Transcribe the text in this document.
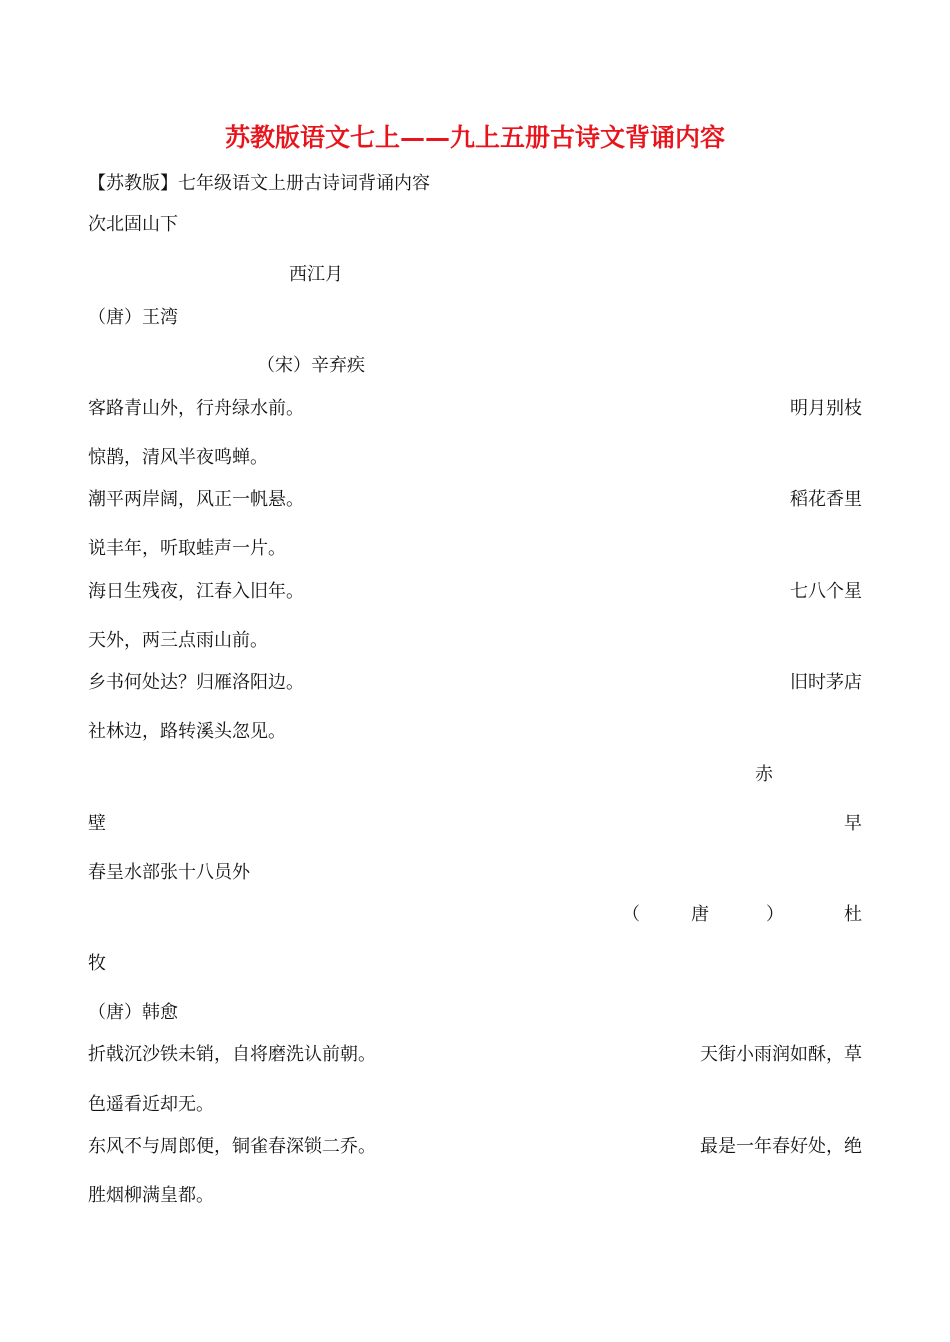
苏教版语文七上——九上五册古诗文背诵内容
【苏教版】七年级语文上册古诗词背诵内容
次北固山下
西江月
（唐）王湾
（宋）辛弃疾
客路青山外，行舟绿水前。	明月别枝
惊鹊，清风半夜鸣蝉。
潮平两岸阔，风正一帆悬。	稻花香里
说丰年，听取蛙声一片。
海日生残夜，江春入旧年。	七八个星
天外，两三点雨山前。
乡书何处达？归雁洛阳边。	旧时茅店
社林边，路转溪头忽见。
赤
壁	早
春呈水部张十八员外
（	唐	）	杜
牧
（唐）韩愈
折戟沉沙铁未销，自将磨洗认前朝。	天街小雨润如酥，草
色遥看近却无。
东风不与周郎便，铜雀春深锁二乔。	最是一年春好处，绝
胜烟柳满皇都。
